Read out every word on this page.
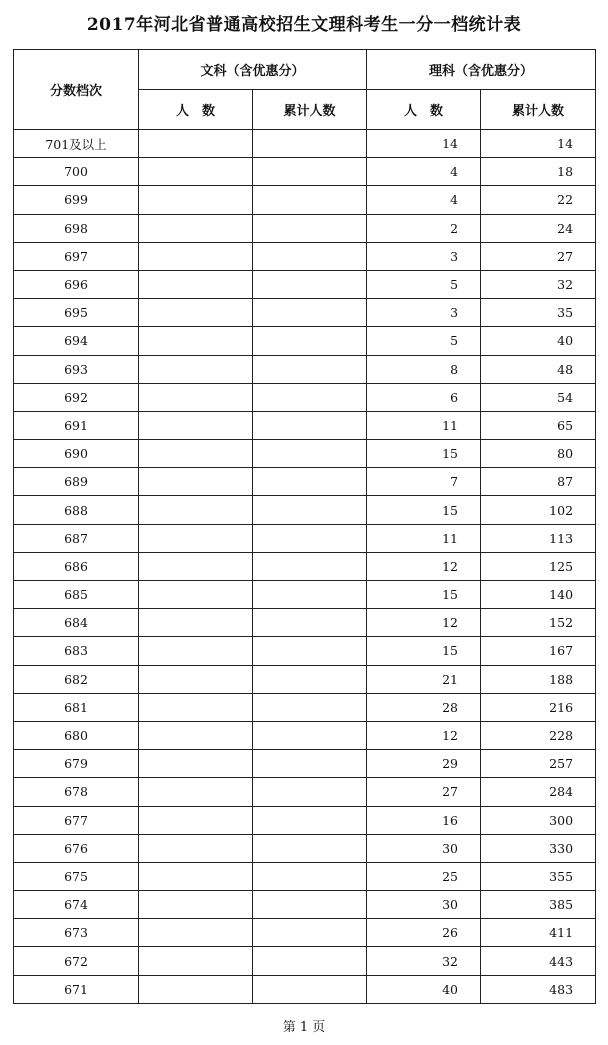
2017年河北省普通高校招生文理科考生一分一档统计表
分数档次	文科（含优惠分）		理科（含优惠分）	
	人　数	累计人数	人　数	累计人数
701及以上			14	14
700			4	18
699			4	22
698			2	24
697			3	27
696			5	32
695			3	35
694			5	40
693			8	48
692			6	54
691			11	65
690			15	80
689			7	87
688			15	102
687			11	113
686			12	125
685			15	140
684			12	152
683			15	167
682			21	188
681			28	216
680			12	228
679			29	257
678			27	284
677			16	300
676			30	330
675			25	355
674			30	385
673			26	411
672			32	443
671			40	483
第 1 页
